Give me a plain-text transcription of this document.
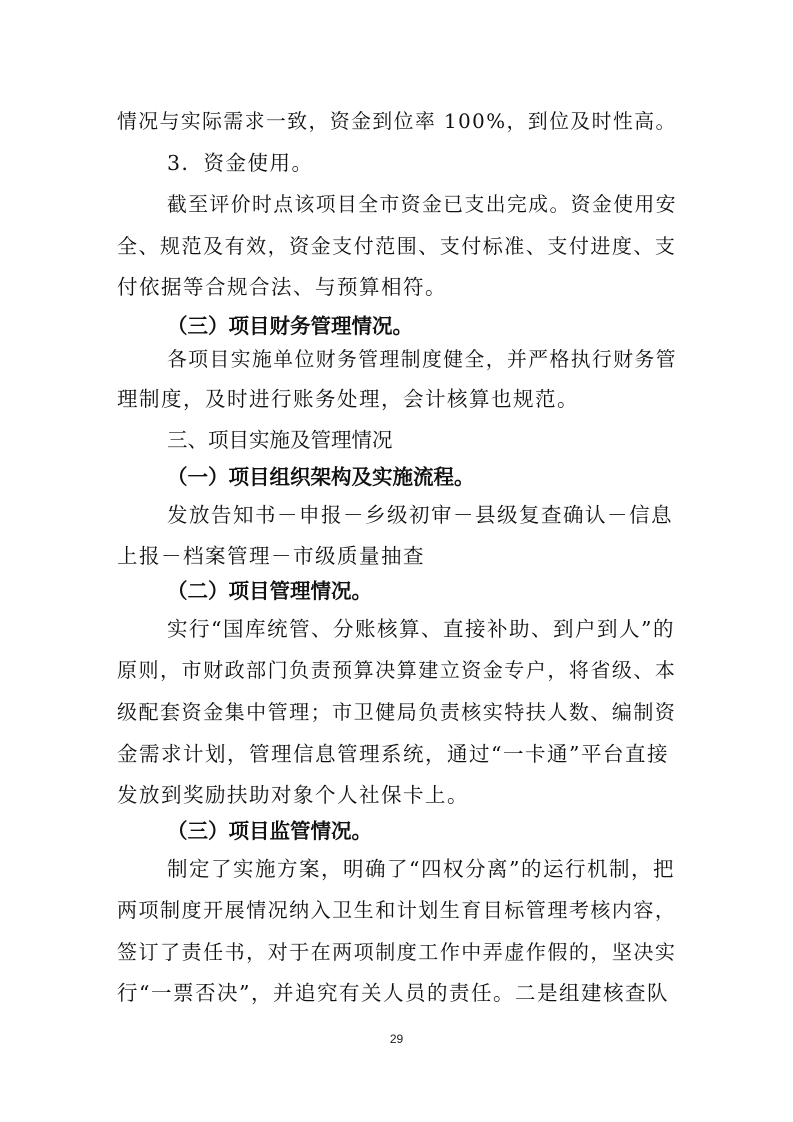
情况与实际需求一致，资金到位率 100%，到位及时性高。
3．资金使用。
截至评价时点该项目全市资金已支出完成。资金使用安
全、规范及有效，资金支付范围、支付标准、支付进度、支
付依据等合规合法、与预算相符。
（三）项目财务管理情况。
各项目实施单位财务管理制度健全，并严格执行财务管
理制度，及时进行账务处理，会计核算也规范。
三、项目实施及管理情况
（一）项目组织架构及实施流程。
发放告知书－申报－乡级初审－县级复查确认－信息
上报－档案管理－市级质量抽查
（二）项目管理情况。
实行“国库统管、分账核算、直接补助、到户到人”的
原则，市财政部门负责预算决算建立资金专户，将省级、本
级配套资金集中管理；市卫健局负责核实特扶人数、编制资
金需求计划，管理信息管理系统，通过“一卡通”平台直接
发放到奖励扶助对象个人社保卡上。
（三）项目监管情况。
制定了实施方案，明确了“四权分离”的运行机制，把
两项制度开展情况纳入卫生和计划生育目标管理考核内容，
签订了责任书，对于在两项制度工作中弄虚作假的，坚决实
行“一票否决”，并追究有关人员的责任。二是组建核查队
29
